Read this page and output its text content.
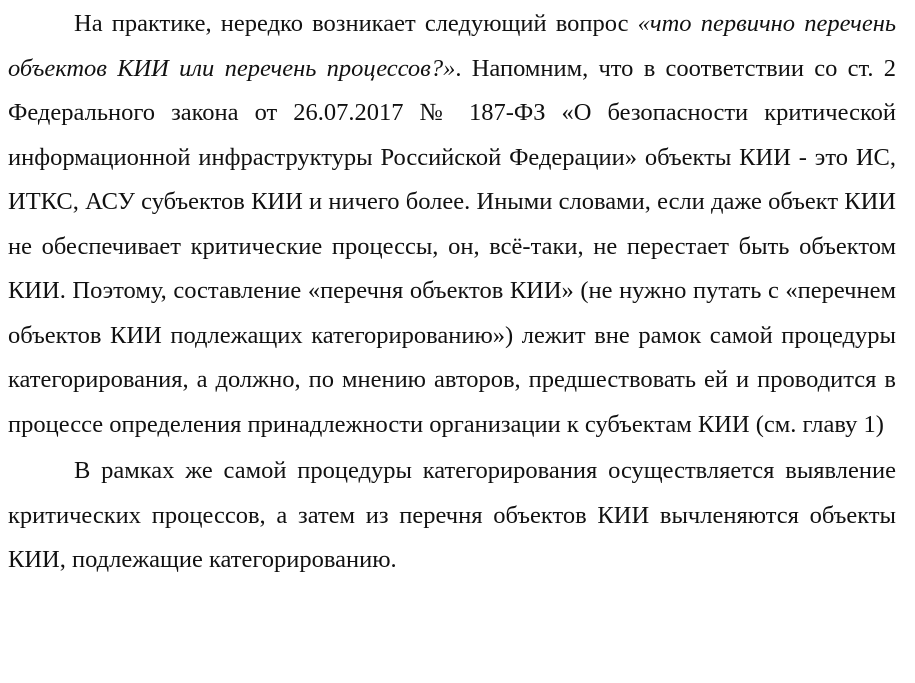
На практике, нередко возникает следующий вопрос «что первично перечень объектов КИИ или перечень процессов?». Напомним, что в соответствии со ст. 2 Федерального закона от 26.07.2017 № 187-ФЗ «О безопасности критической информационной инфраструктуры Российской Федерации» объекты КИИ - это ИС, ИТКС, АСУ субъектов КИИ и ничего более. Иными словами, если даже объект КИИ не обеспечивает критические процессы, он, всё-таки, не перестает быть объектом КИИ. Поэтому, составление «перечня объектов КИИ» (не нужно путать с «перечнем объектов КИИ подлежащих категорированию») лежит вне рамок самой процедуры категорирования, а должно, по мнению авторов, предшествовать ей и проводится в процессе определения принадлежности организации к субъектам КИИ (см. главу 1)

В рамках же самой процедуры категорирования осуществляется выявление критических процессов, а затем из перечня объектов КИИ вычленяются объекты КИИ, подлежащие категорированию.
